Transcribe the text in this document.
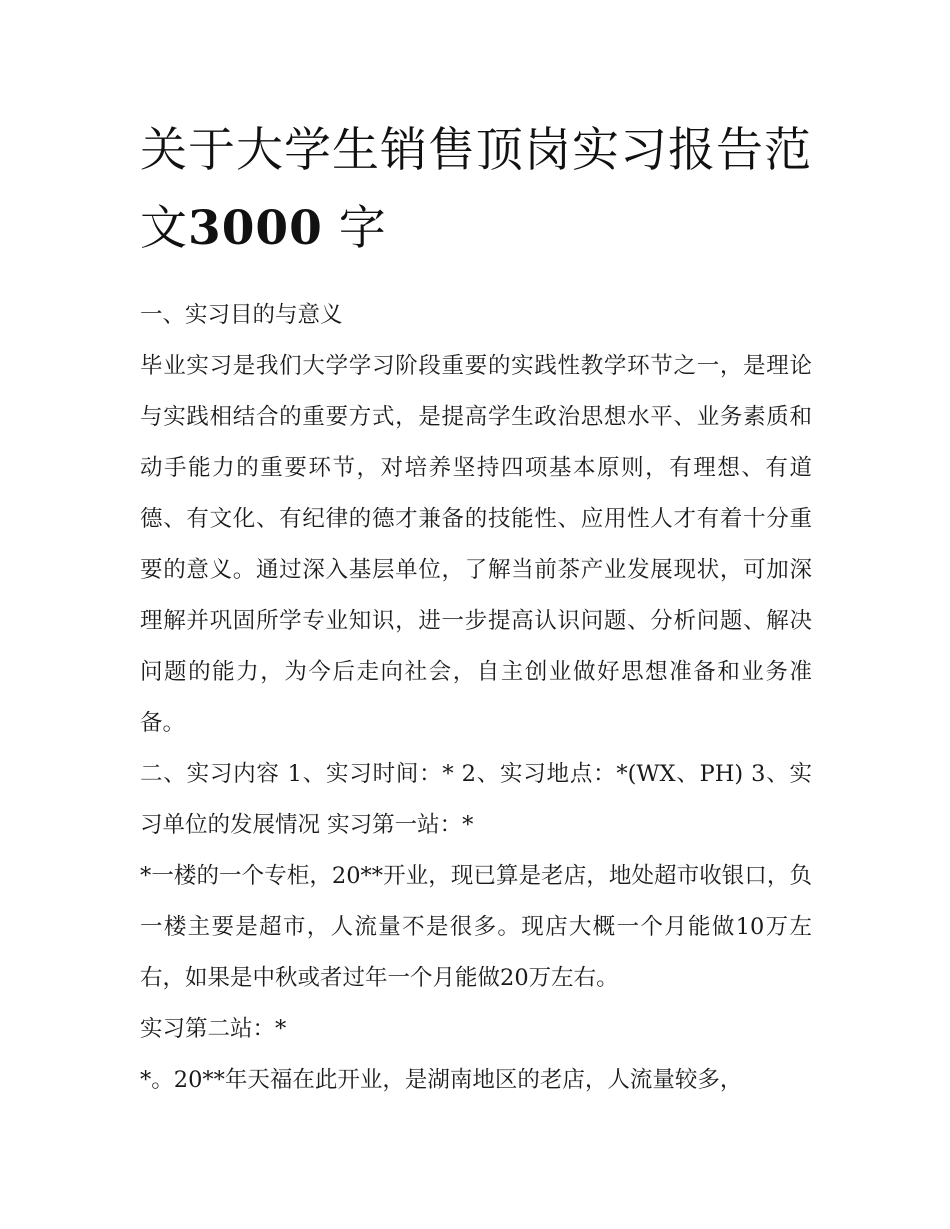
关于大学生销售顶岗实习报告范文3000 字

一、实习目的与意义

毕业实习是我们大学学习阶段重要的实践性教学环节之一，是理论与实践相结合的重要方式，是提高学生政治思想水平、业务素质和动手能力的重要环节，对培养坚持四项基本原则，有理想、有道德、有文化、有纪律的德才兼备的技能性、应用性人才有着十分重要的意义。通过深入基层单位，了解当前茶产业发展现状，可加深理解并巩固所学专业知识，进一步提高认识问题、分析问题、解决问题的能力，为今后走向社会，自主创业做好思想准备和业务准备。

二、实习内容 1、实习时间：* 2、实习地点：*(WX、PH) 3、实习单位的发展情况 实习第一站：*

*一楼的一个专柜，20**开业，现已算是老店，地处超市收银口，负一楼主要是超市，人流量不是很多。现店大概一个月能做10万左右，如果是中秋或者过年一个月能做20万左右。

实习第二站：*

*。20**年天福在此开业，是湖南地区的老店，人流量较多，
